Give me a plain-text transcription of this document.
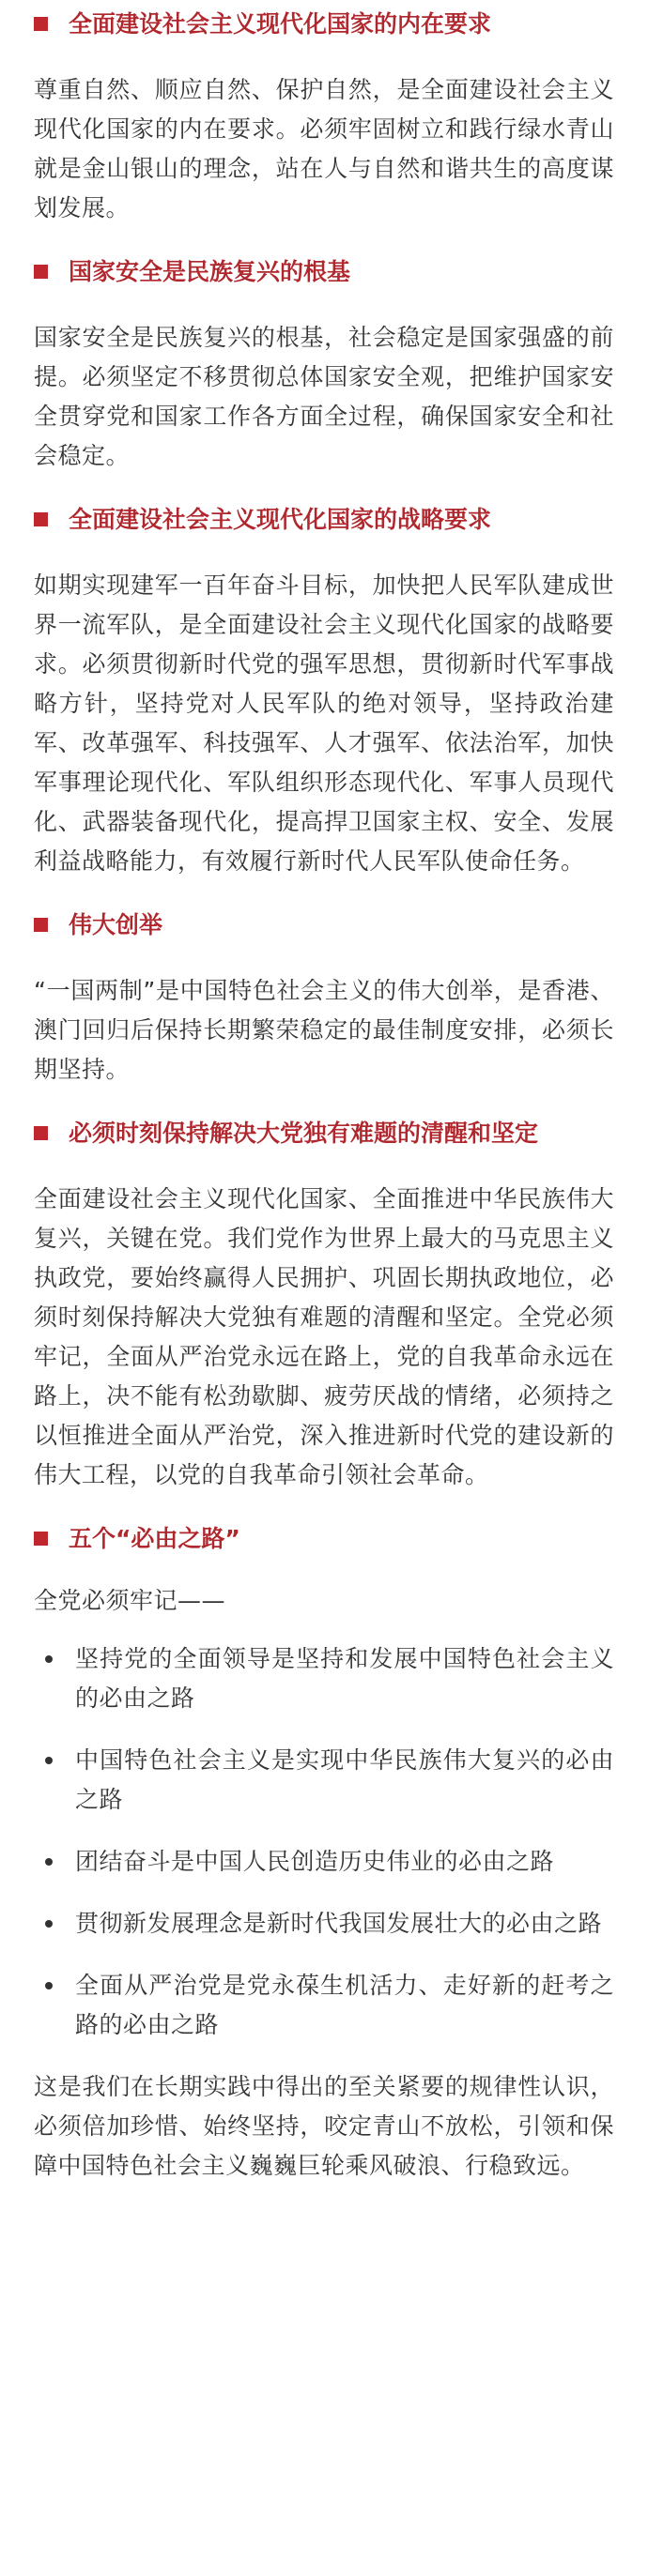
全面建设社会主义现代化国家的内在要求

尊重自然、顺应自然、保护自然，是全面建设社会主义现代化国家的内在要求。必须牢固树立和践行绿水青山就是金山银山的理念，站在人与自然和谐共生的高度谋划发展。

国家安全是民族复兴的根基

国家安全是民族复兴的根基，社会稳定是国家强盛的前提。必须坚定不移贯彻总体国家安全观，把维护国家安全贯穿党和国家工作各方面全过程，确保国家安全和社会稳定。

全面建设社会主义现代化国家的战略要求

如期实现建军一百年奋斗目标，加快把人民军队建成世界一流军队，是全面建设社会主义现代化国家的战略要求。必须贯彻新时代党的强军思想，贯彻新时代军事战略方针，坚持党对人民军队的绝对领导，坚持政治建军、改革强军、科技强军、人才强军、依法治军，加快军事理论现代化、军队组织形态现代化、军事人员现代化、武器装备现代化，提高捍卫国家主权、安全、发展利益战略能力，有效履行新时代人民军队使命任务。

伟大创举

“一国两制”是中国特色社会主义的伟大创举，是香港、澳门回归后保持长期繁荣稳定的最佳制度安排，必须长期坚持。

必须时刻保持解决大党独有难题的清醒和坚定

全面建设社会主义现代化国家、全面推进中华民族伟大复兴，关键在党。我们党作为世界上最大的马克思主义执政党，要始终赢得人民拥护、巩固长期执政地位，必须时刻保持解决大党独有难题的清醒和坚定。全党必须牢记，全面从严治党永远在路上，党的自我革命永远在路上，决不能有松劲歇脚、疲劳厌战的情绪，必须持之以恒推进全面从严治党，深入推进新时代党的建设新的伟大工程，以党的自我革命引领社会革命。

五个“必由之路”

全党必须牢记——

坚持党的全面领导是坚持和发展中国特色社会主义的必由之路
中国特色社会主义是实现中华民族伟大复兴的必由之路
团结奋斗是中国人民创造历史伟业的必由之路
贯彻新发展理念是新时代我国发展壮大的必由之路
全面从严治党是党永葆生机活力、走好新的赶考之路的必由之路

这是我们在长期实践中得出的至关紧要的规律性认识，必须倍加珍惜、始终坚持，咬定青山不放松，引领和保障中国特色社会主义巍巍巨轮乘风破浪、行稳致远。
